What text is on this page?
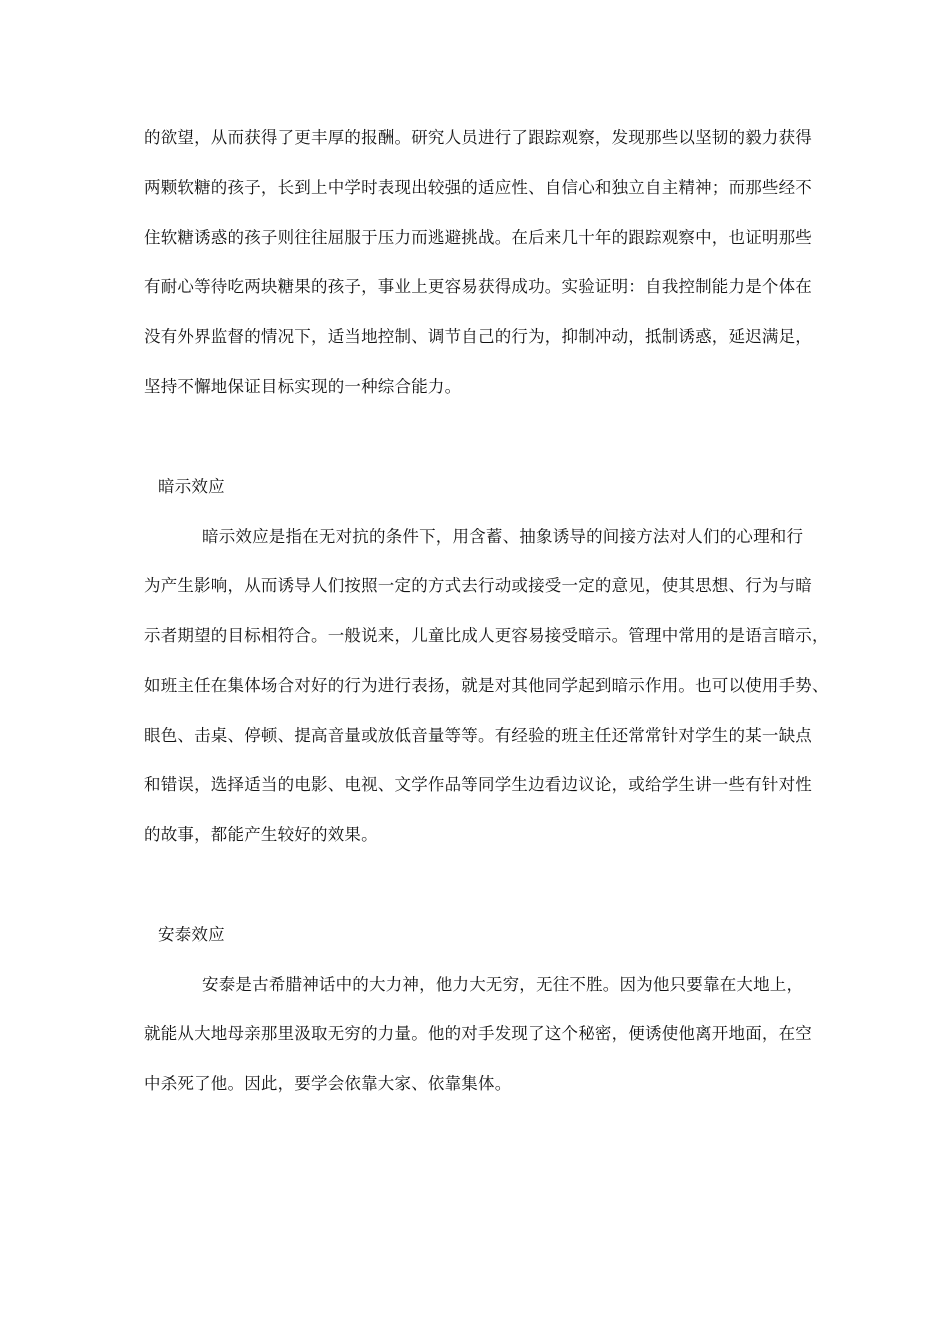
的欲望，从而获得了更丰厚的报酬。研究人员进行了跟踪观察，发现那些以坚韧的毅力获得

两颗软糖的孩子，长到上中学时表现出较强的适应性、自信心和独立自主精神；而那些经不

住软糖诱惑的孩子则往往屈服于压力而逃避挑战。在后来几十年的跟踪观察中，也证明那些

有耐心等待吃两块糖果的孩子，事业上更容易获得成功。实验证明：自我控制能力是个体在

没有外界监督的情况下，适当地控制、调节自己的行为，抑制冲动，抵制诱惑，延迟满足，

坚持不懈地保证目标实现的一种综合能力。

暗示效应

暗示效应是指在无对抗的条件下，用含蓄、抽象诱导的间接方法对人们的心理和行

为产生影响，从而诱导人们按照一定的方式去行动或接受一定的意见，使其思想、行为与暗

示者期望的目标相符合。一般说来，儿童比成人更容易接受暗示。管理中常用的是语言暗示，

如班主任在集体场合对好的行为进行表扬，就是对其他同学起到暗示作用。也可以使用手势、

眼色、击桌、停顿、提高音量或放低音量等等。有经验的班主任还常常针对学生的某一缺点

和错误，选择适当的电影、电视、文学作品等同学生边看边议论，或给学生讲一些有针对性

的故事，都能产生较好的效果。

安泰效应

安泰是古希腊神话中的大力神，他力大无穷，无往不胜。因为他只要靠在大地上，

就能从大地母亲那里汲取无穷的力量。他的对手发现了这个秘密，便诱使他离开地面，在空

中杀死了他。因此，要学会依靠大家、依靠集体。
